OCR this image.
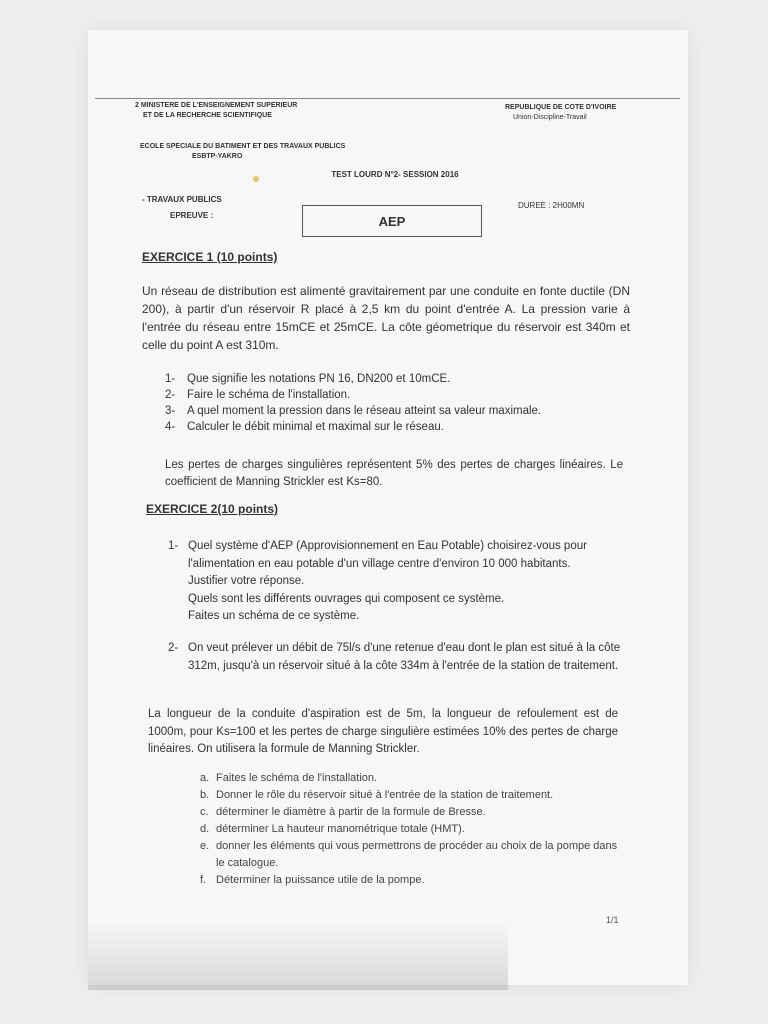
2 MINISTERE DE L'ENSEIGNEMENT SUPERIEUR
ET DE LA RECHERCHE SCIENTIFIQUE
REPUBLIQUE DE COTE D'IVOIRE
Union-Discipline-Travail
ECOLE SPECIALE DU BATIMENT ET DES TRAVAUX PUBLICS
ESBTP-YAKRO
TEST LOURD N°2- SESSION 2016
- TRAVAUX PUBLICS
EPREUVE :	AEP
DUREE : 2H00MN
EXERCICE 1 (10 points)
Un réseau de distribution est alimenté gravitairement par une conduite en fonte ductile (DN 200), à partir d'un réservoir R placé à 2,5 km du point d'entrée A. La pression varie à l'entrée du réseau entre 15mCE et 25mCE. La côte géometrique du réservoir est 340m et celle du point A est 310m.
1- Que signifie les notations PN 16, DN200 et 10mCE.
2- Faire le schéma de l'installation.
3- A quel moment la pression dans le réseau atteint sa valeur maximale.
4- Calculer le débit minimal et maximal sur le réseau.
Les pertes de charges singulières représentent 5% des pertes de charges linéaires. Le coefficient de Manning Strickler est Ks=80.
EXERCICE 2(10 points)
1- Quel système d'AEP (Approvisionnement en Eau Potable) choisirez-vous pour l'alimentation en eau potable d'un village centre d'environ 10 000 habitants.
Justifier votre réponse.
Quels sont les différents ouvrages qui composent ce système.
Faites un schéma de ce système.
2- On veut prélever un débit de 75l/s d'une retenue d'eau dont le plan est situé à la côte 312m, jusqu'à un réservoir situé à la côte 334m à l'entrée de la station de traitement.
La longueur de la conduite d'aspiration est de 5m, la longueur de refoulement est de 1000m, pour Ks=100 et les pertes de charge singulière estimées 10% des pertes de charge linéaires. On utilisera la formule de Manning Strickler.
a. Faites le schéma de l'installation.
b. Donner le rôle du réservoir situé à l'entrée de la station de traitement.
c. déterminer le diamètre à partir de la formule de Bresse.
d. déterminer La hauteur manométrique totale (HMT).
e. donner les éléments qui vous permettrons de procéder au choix de la pompe dans le catalogue.
f. Déterminer la puissance utile de la pompe.
1/1
